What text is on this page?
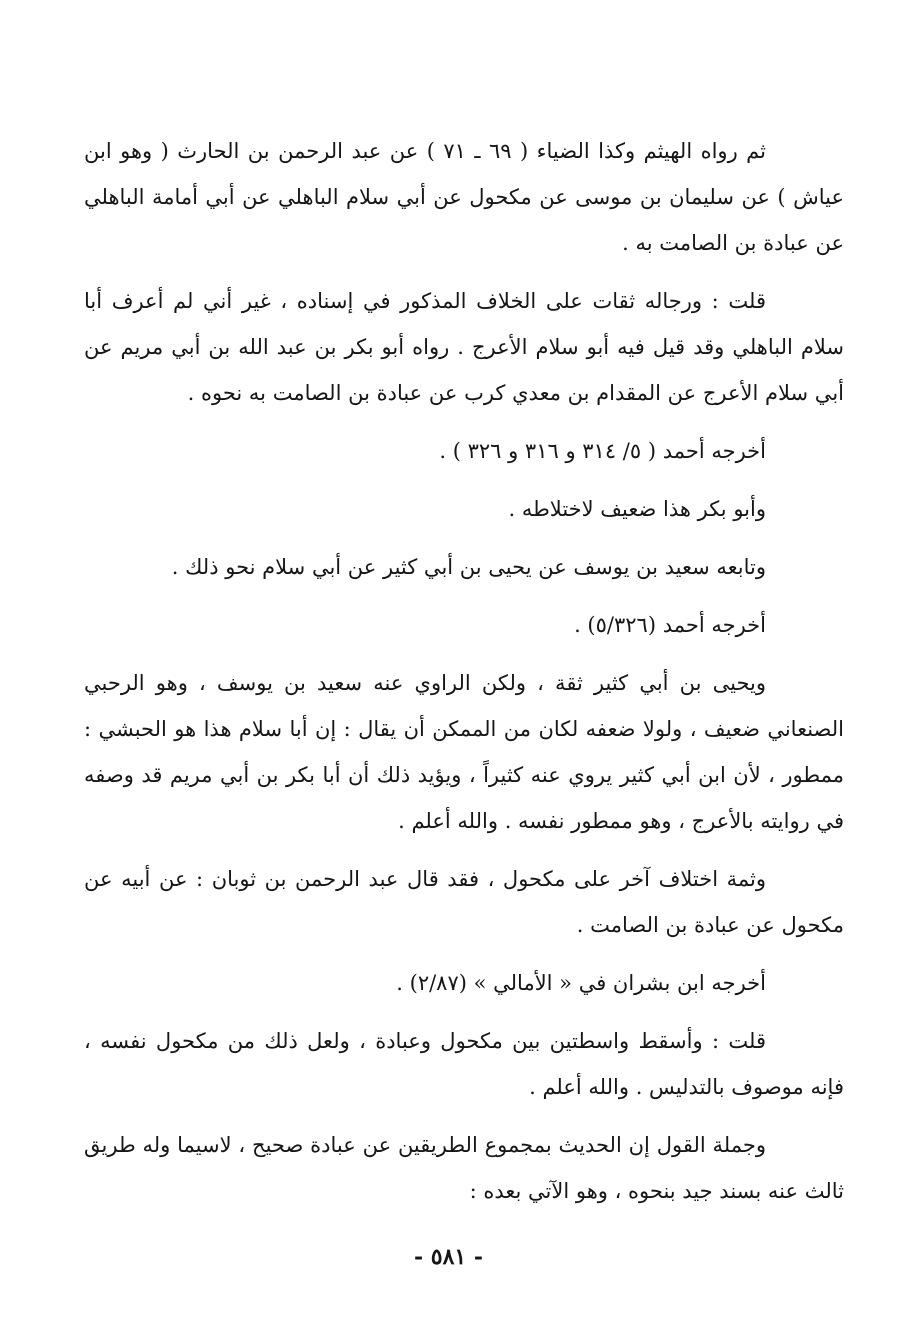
ثم رواه الهيثم وكذا الضياء ( ٦٩ ـ ٧١ ) عن عبد الرحمن بن الحارث ( وهو ابن عياش ) عن سليمان بن موسى عن مكحول عن أبي سلام الباهلي عن أبي أمامة الباهلي عن عبادة بن الصامت به .

قلت : ورجاله ثقات على الخلاف المذكور في إسناده ، غير أني لم أعرف أبا سلام الباهلي وقد قيل فيه أبو سلام الأعرج . رواه أبو بكر بن عبد الله بن أبي مريم عن أبي سلام الأعرج عن المقدام بن معدي كرب عن عبادة بن الصامت به نحوه .

أخرجه أحمد ( ٥/ ٣١٤ و ٣١٦ و ٣٢٦ ) .

وأبو بكر هذا ضعيف لاختلاطه .

وتابعه سعيد بن يوسف عن يحيى بن أبي كثير عن أبي سلام نحو ذلك .

أخرجه أحمد (٥/٣٢٦) .

ويحيى بن أبي كثير ثقة ، ولكن الراوي عنه سعيد بن يوسف ، وهو الرحبي الصنعاني ضعيف ، ولولا ضعفه لكان من الممكن أن يقال : إن أبا سلام هذا هو الحبشي : ممطور ، لأن ابن أبي كثير يروي عنه كثيراً ، ويؤيد ذلك أن أبا بكر بن أبي مريم قد وصفه في روايته بالأعرج ، وهو ممطور نفسه . والله أعلم .

وثمة اختلاف آخر على مكحول ، فقد قال عبد الرحمن بن ثوبان : عن أبيه عن مكحول عن عبادة بن الصامت .

أخرجه ابن بشران في « الأمالي » (٢/٨٧) .

قلت : وأسقط واسطتين بين مكحول وعبادة ، ولعل ذلك من مكحول نفسه ، فإنه موصوف بالتدليس . والله أعلم .

وجملة القول إن الحديث بمجموع الطريقين عن عبادة صحيح ، لاسيما وله طريق ثالث عنه بسند جيد بنحوه ، وهو الآتي بعده :

- ٥٨١ -
